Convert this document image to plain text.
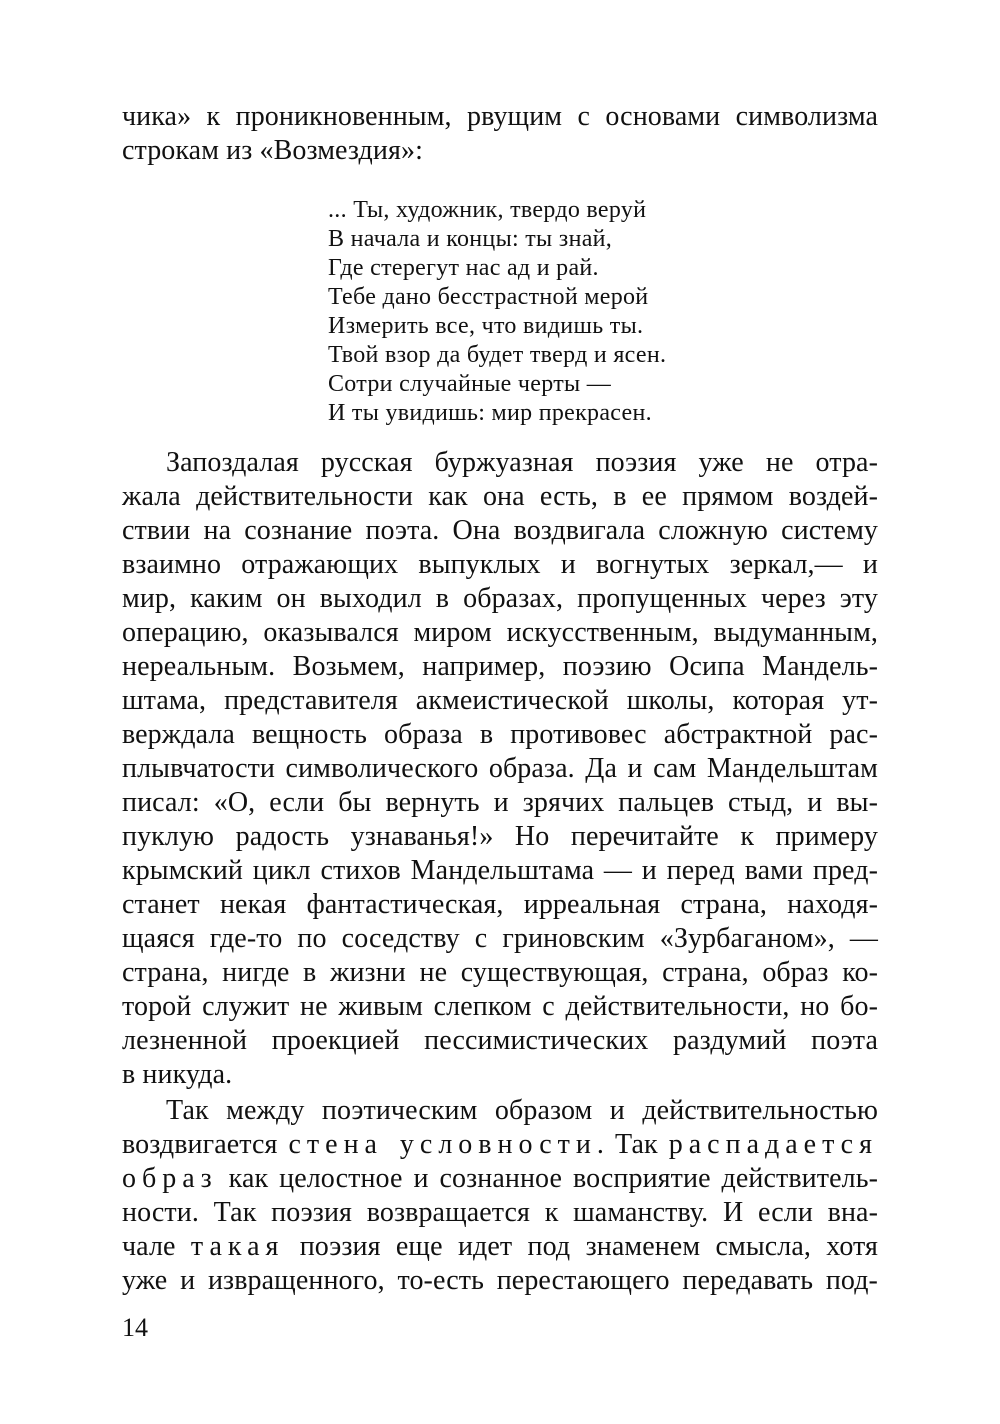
чика» к проникновенным, рвущим с основами символизма
строкам из «Возмездия»:
... Ты, художник, твердо веруй
В начала и концы: ты знай,
Где стерегут нас ад и рай.
Тебе дано бесстрастной мерой
Измерить все, что видишь ты.
Твой взор да будет тверд и ясен.
Сотри случайные черты —
И ты увидишь: мир прекрасен.
Запоздалая русская буржуазная поэзия уже не отра-
жала действительности как она есть, в ее прямом воздей-
ствии на сознание поэта. Она воздвигала сложную систему
взаимно отражающих выпуклых и вогнутых зеркал,— и
мир, каким он выходил в образах, пропущенных через эту
операцию, оказывался миром искусственным, выдуманным,
нереальным. Возьмем, например, поэзию Осипа Мандель-
штама, представителя акмеистической школы, которая ут-
верждала вещность образа в противовес абстрактной рас-
плывчатости символического образа. Да и сам Мандельштам
писал: «О, если бы вернуть и зрячих пальцев стыд, и вы-
пуклую радость узнаванья!» Но перечитайте к примеру
крымский цикл стихов Мандельштама — и перед вами пред-
станет некая фантастическая, ирреальная страна, находя-
щаяся где-то по соседству с гриновским «Зурбаганом», —
страна, нигде в жизни не существующая, страна, образ ко-
торой служит не живым слепком с действительности, но бо-
лезненной проекцией пессимистических раздумий поэта
в никуда.
Так между поэтическим образом и действительностью
воздвигается стена условности. Так распадается
образ как целостное и сознанное восприятие действитель-
ности. Так поэзия возвращается к шаманству. И если вна-
чале такая поэзия еще идет под знаменем смысла, хотя
уже и извращенного, то-есть перестающего передавать под-
14
